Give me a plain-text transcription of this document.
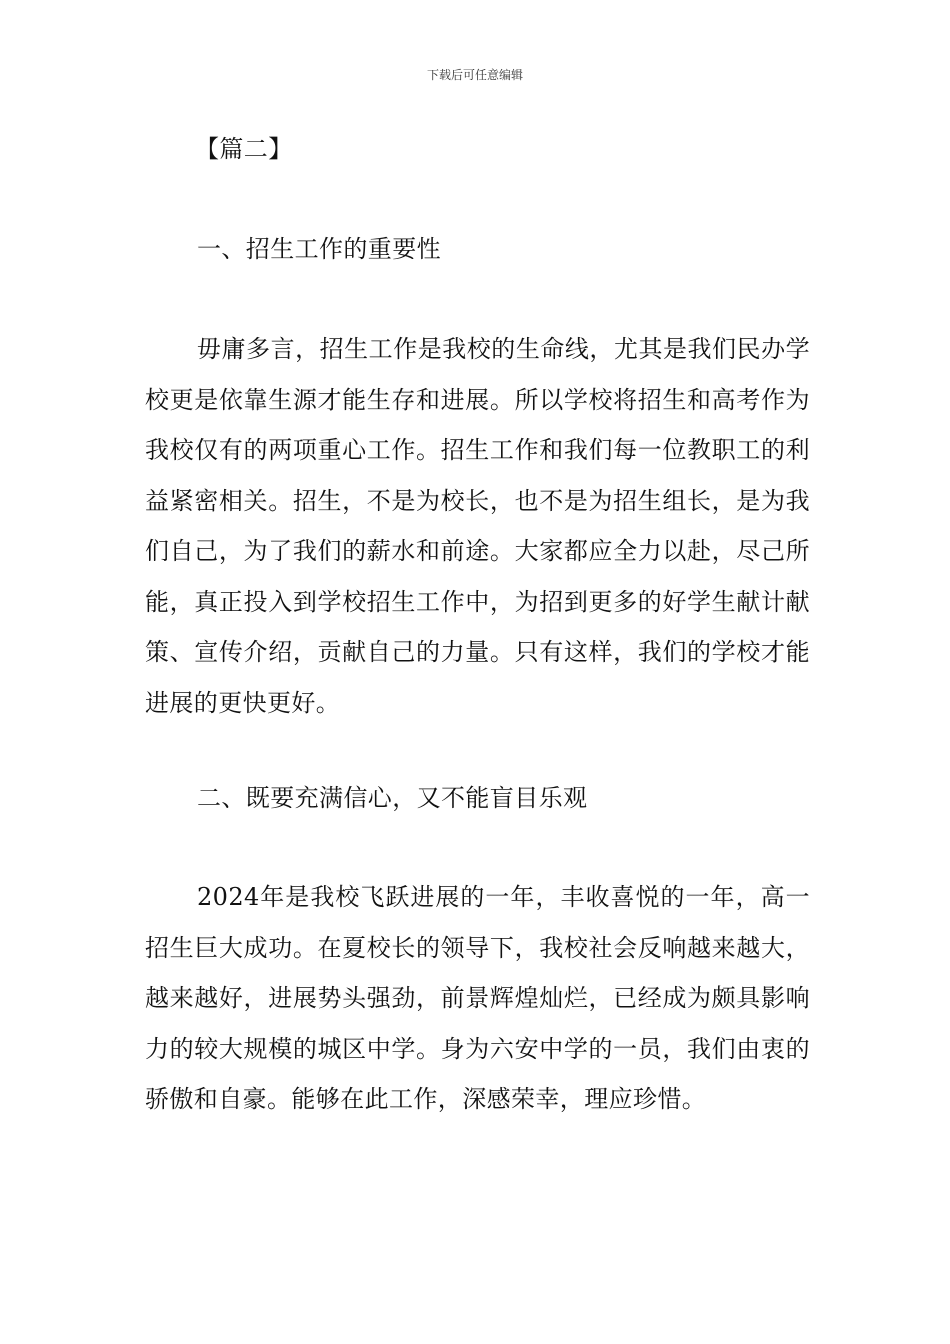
下载后可任意编辑
【篇二】
一、招生工作的重要性
毋庸多言，招生工作是我校的生命线，尤其是我们民办学校更是依靠生源才能生存和进展。所以学校将招生和高考作为我校仅有的两项重心工作。招生工作和我们每一位教职工的利益紧密相关。招生，不是为校长，也不是为招生组长，是为我们自己，为了我们的薪水和前途。大家都应全力以赴，尽己所能，真正投入到学校招生工作中，为招到更多的好学生献计献策、宣传介绍，贡献自己的力量。只有这样，我们的学校才能进展的更快更好。
二、既要充满信心，又不能盲目乐观
2024年是我校飞跃进展的一年，丰收喜悦的一年，高一招生巨大成功。在夏校长的领导下，我校社会反响越来越大，越来越好，进展势头强劲，前景辉煌灿烂，已经成为颇具影响力的较大规模的城区中学。身为六安中学的一员，我们由衷的骄傲和自豪。能够在此工作，深感荣幸，理应珍惜。
